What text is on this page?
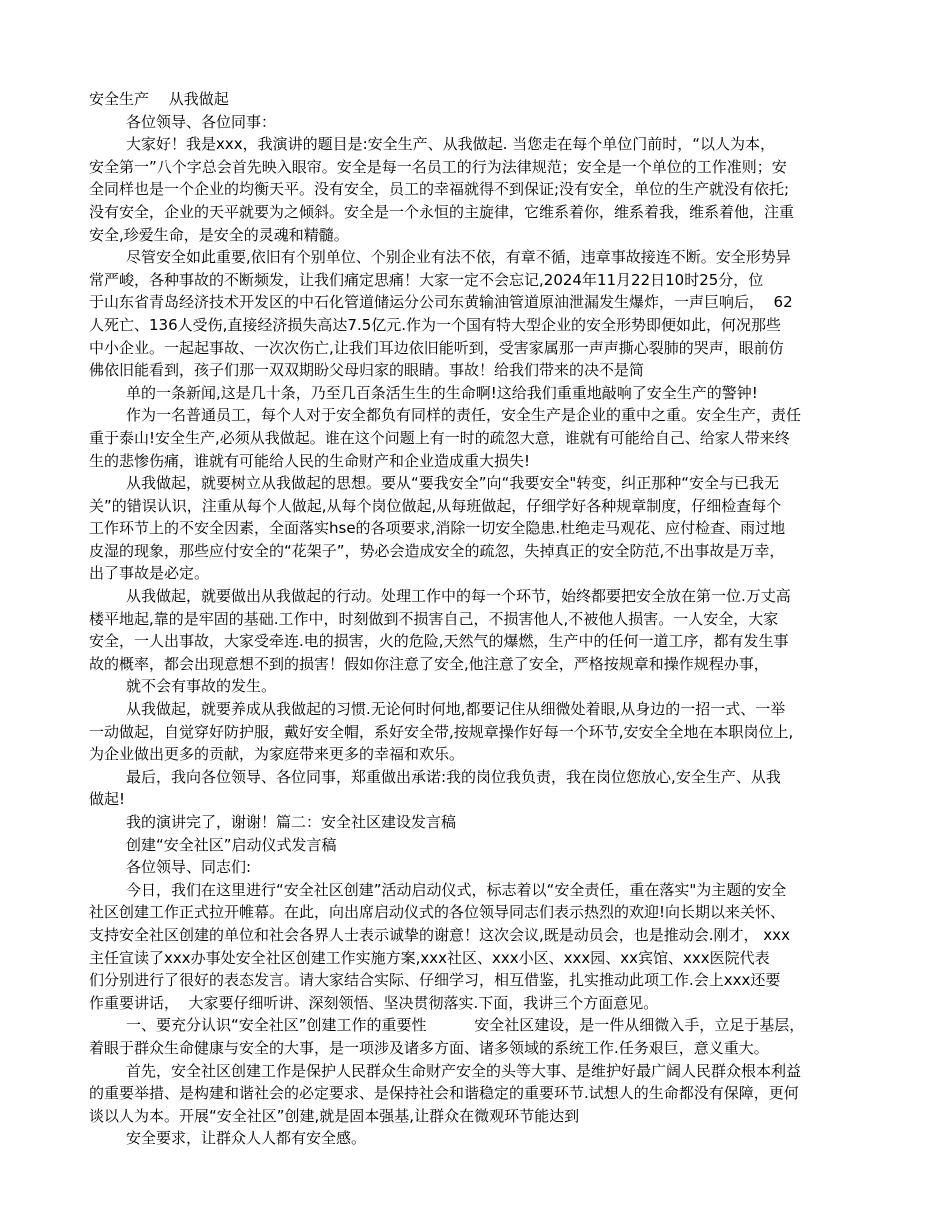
安全生产　 从我做起
各位领导、各位同事：
大家好！我是xxx，我演讲的题目是:安全生产、从我做起. 当您走在每个单位门前时，“以人为本，
安全第一”八个字总会首先映入眼帘。安全是每一名员工的行为法律规范；安全是一个单位的工作准则；安
全同样也是一个企业的均衡天平。没有安全，员工的幸福就得不到保证;没有安全，单位的生产就没有依托;
没有安全，企业的天平就要为之倾斜。安全是一个永恒的主旋律，它维系着你，维系着我，维系着他，注重
安全,珍爱生命，是安全的灵魂和精髓。
尽管安全如此重要,依旧有个别单位、个别企业有法不依，有章不循，违章事故接连不断。安全形势异
常严峻，各种事故的不断频发，让我们痛定思痛！大家一定不会忘记,2024年11月22日10时25分，位
于山东省青岛经济技术开发区的中石化管道储运分公司东黄输油管道原油泄漏发生爆炸，一声巨响后，  62
人死亡、136人受伤,直接经济损失高达7.5亿元.作为一个国有特大型企业的安全形势即便如此，何况那些
中小企业。一起起事故、一次次伤亡,让我们耳边依旧能听到，受害家属那一声声撕心裂肺的哭声，眼前仿
佛依旧能看到，孩子们那一双双期盼父母归家的眼睛。事故！给我们带来的决不是简
单的一条新闻,这是几十条，乃至几百条活生生的生命啊!这给我们重重地敲响了安全生产的警钟!
作为一名普通员工，每个人对于安全都负有同样的责任，安全生产是企业的重中之重。安全生产，责任
重于泰山!安全生产,必须从我做起。谁在这个问题上有一时的疏忽大意，谁就有可能给自己、给家人带来终
生的悲惨伤痛，谁就有可能给人民的生命财产和企业造成重大损失!
从我做起，就要树立从我做起的思想。要从“要我安全”向“我要安全"转变，纠正那种“安全与已我无
关”的错误认识，注重从每个人做起,从每个岗位做起,从每班做起，仔细学好各种规章制度，仔细检查每个
工作环节上的不安全因素，全面落实hse的各项要求,消除一切安全隐患.杜绝走马观花、应付检查、雨过地
皮湿的现象，那些应付安全的“花架子”，势必会造成安全的疏忽，失掉真正的安全防范,不出事故是万幸，
出了事故是必定。
从我做起，就要做出从我做起的行动。处理工作中的每一个环节，始终都要把安全放在第一位.万丈高
楼平地起,靠的是牢固的基础.工作中，时刻做到不损害自己，不损害他人,不被他人损害。一人安全，大家
安全，一人出事故，大家受牵连.电的损害，火的危险,天然气的爆燃，生产中的任何一道工序，都有发生事
故的概率，都会出现意想不到的损害！假如你注意了安全,他注意了安全，严格按规章和操作规程办事，
就不会有事故的发生。
从我做起，就要养成从我做起的习惯.无论何时何地,都要记住从细微处着眼,从身边的一招一式、一举
一动做起，自觉穿好防护服，戴好安全帽，系好安全带,按规章操作好每一个环节,安安全全地在本职岗位上,
为企业做出更多的贡献，为家庭带来更多的幸福和欢乐。
最后，我向各位领导、各位同事，郑重做出承诺:我的岗位我负责，我在岗位您放心,安全生产、从我
做起!
我的演讲完了，谢谢！篇二：安全社区建设发言稿
创建“安全社区”启动仪式发言稿
各位领导、同志们:
今日，我们在这里进行“安全社区创建”活动启动仪式，标志着以“安全责任，重在落实"为主题的安全
社区创建工作正式拉开帷幕。在此，向出席启动仪式的各位领导同志们表示热烈的欢迎!向长期以来关怀、
支持安全社区创建的单位和社会各界人士表示诚挚的谢意！这次会议,既是动员会，也是推动会.刚才， xxx
主任宣读了xxx办事处安全社区创建工作实施方案,xxx社区、xxx小区、xxx园、xx宾馆、xxx医院代表
们分别进行了很好的表态发言。请大家结合实际、仔细学习，相互借鉴，扎实推动此项工作.会上xxx还要
作重要讲话，  大家要仔细听讲、深刻领悟、坚决贯彻落实.下面，我讲三个方面意见。
一、要充分认识“安全社区”创建工作的重要性          安全社区建设，是一件从细微入手，立足于基层，
着眼于群众生命健康与安全的大事，是一项涉及诸多方面、诸多领域的系统工作.任务艰巨，意义重大。
首先，安全社区创建工作是保护人民群众生命财产安全的头等大事、是维护好最广阔人民群众根本利益
的重要举措、是构建和谐社会的必定要求、是保持社会和谐稳定的重要环节.试想人的生命都没有保障，更何
谈以人为本。开展“安全社区”创建,就是固本强基,让群众在微观环节能达到
安全要求，让群众人人都有安全感。
